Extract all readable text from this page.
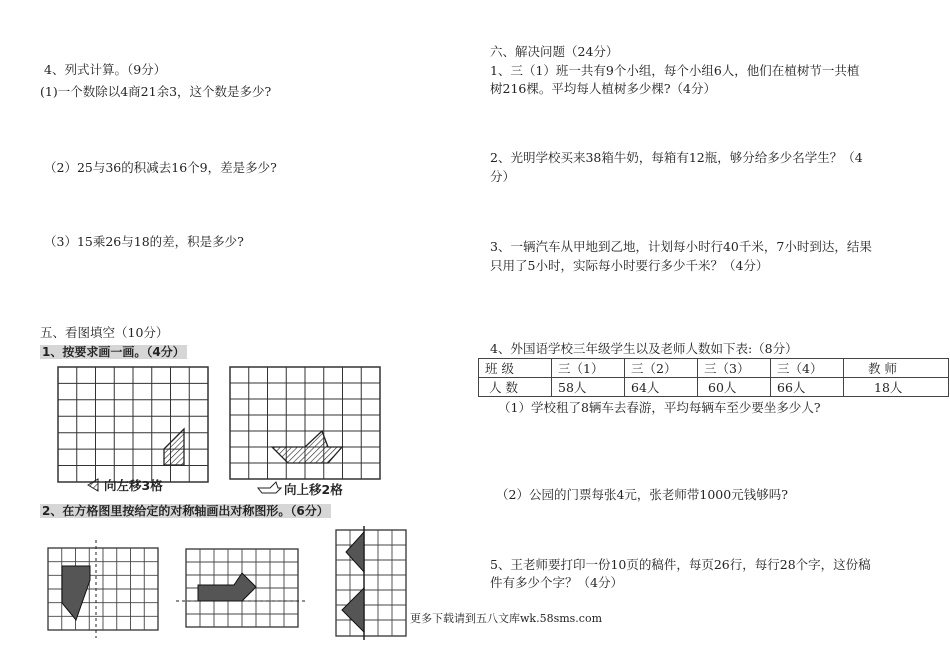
4、列式计算。（9分）
(1)一个数除以4商21余3，这个数是多少?
（2）25与36的积减去16个9，差是多少?
（3）15乘26与18的差，积是多少?
五、看图填空（10分）
1、按要求画一画。（4分）
向左移3格	向上移2格
2、在方格图里按给定的对称轴画出对称图形。（6分）
六、解决问题（24分）
1、三（1）班一共有9个小组，每个小组6人，他们在植树节一共植
树216棵。平均每人植树多少棵?（4分）
2、光明学校买来38箱牛奶，每箱有12瓶，够分给多少名学生？（4
分）
3、一辆汽车从甲地到乙地，计划每小时行40千米，7小时到达，结果
只用了5小时，实际每小时要行多少千米？（4分）
4、外国语学校三年级学生以及老师人数如下表:（8分）
班 级	三（1）	三（2）	三（3）	三（4）	教 师
人 数	58人	64人	60人	66人	18人
（1）学校租了8辆车去春游，平均每辆车至少要坐多少人?
（2）公园的门票每张4元，张老师带1000元钱够吗?
5、王老师要打印一份10页的稿件，每页26行，每行28个字，这份稿
件有多少个字？（4分）
更多下载请到五八文库wk.58sms.com
